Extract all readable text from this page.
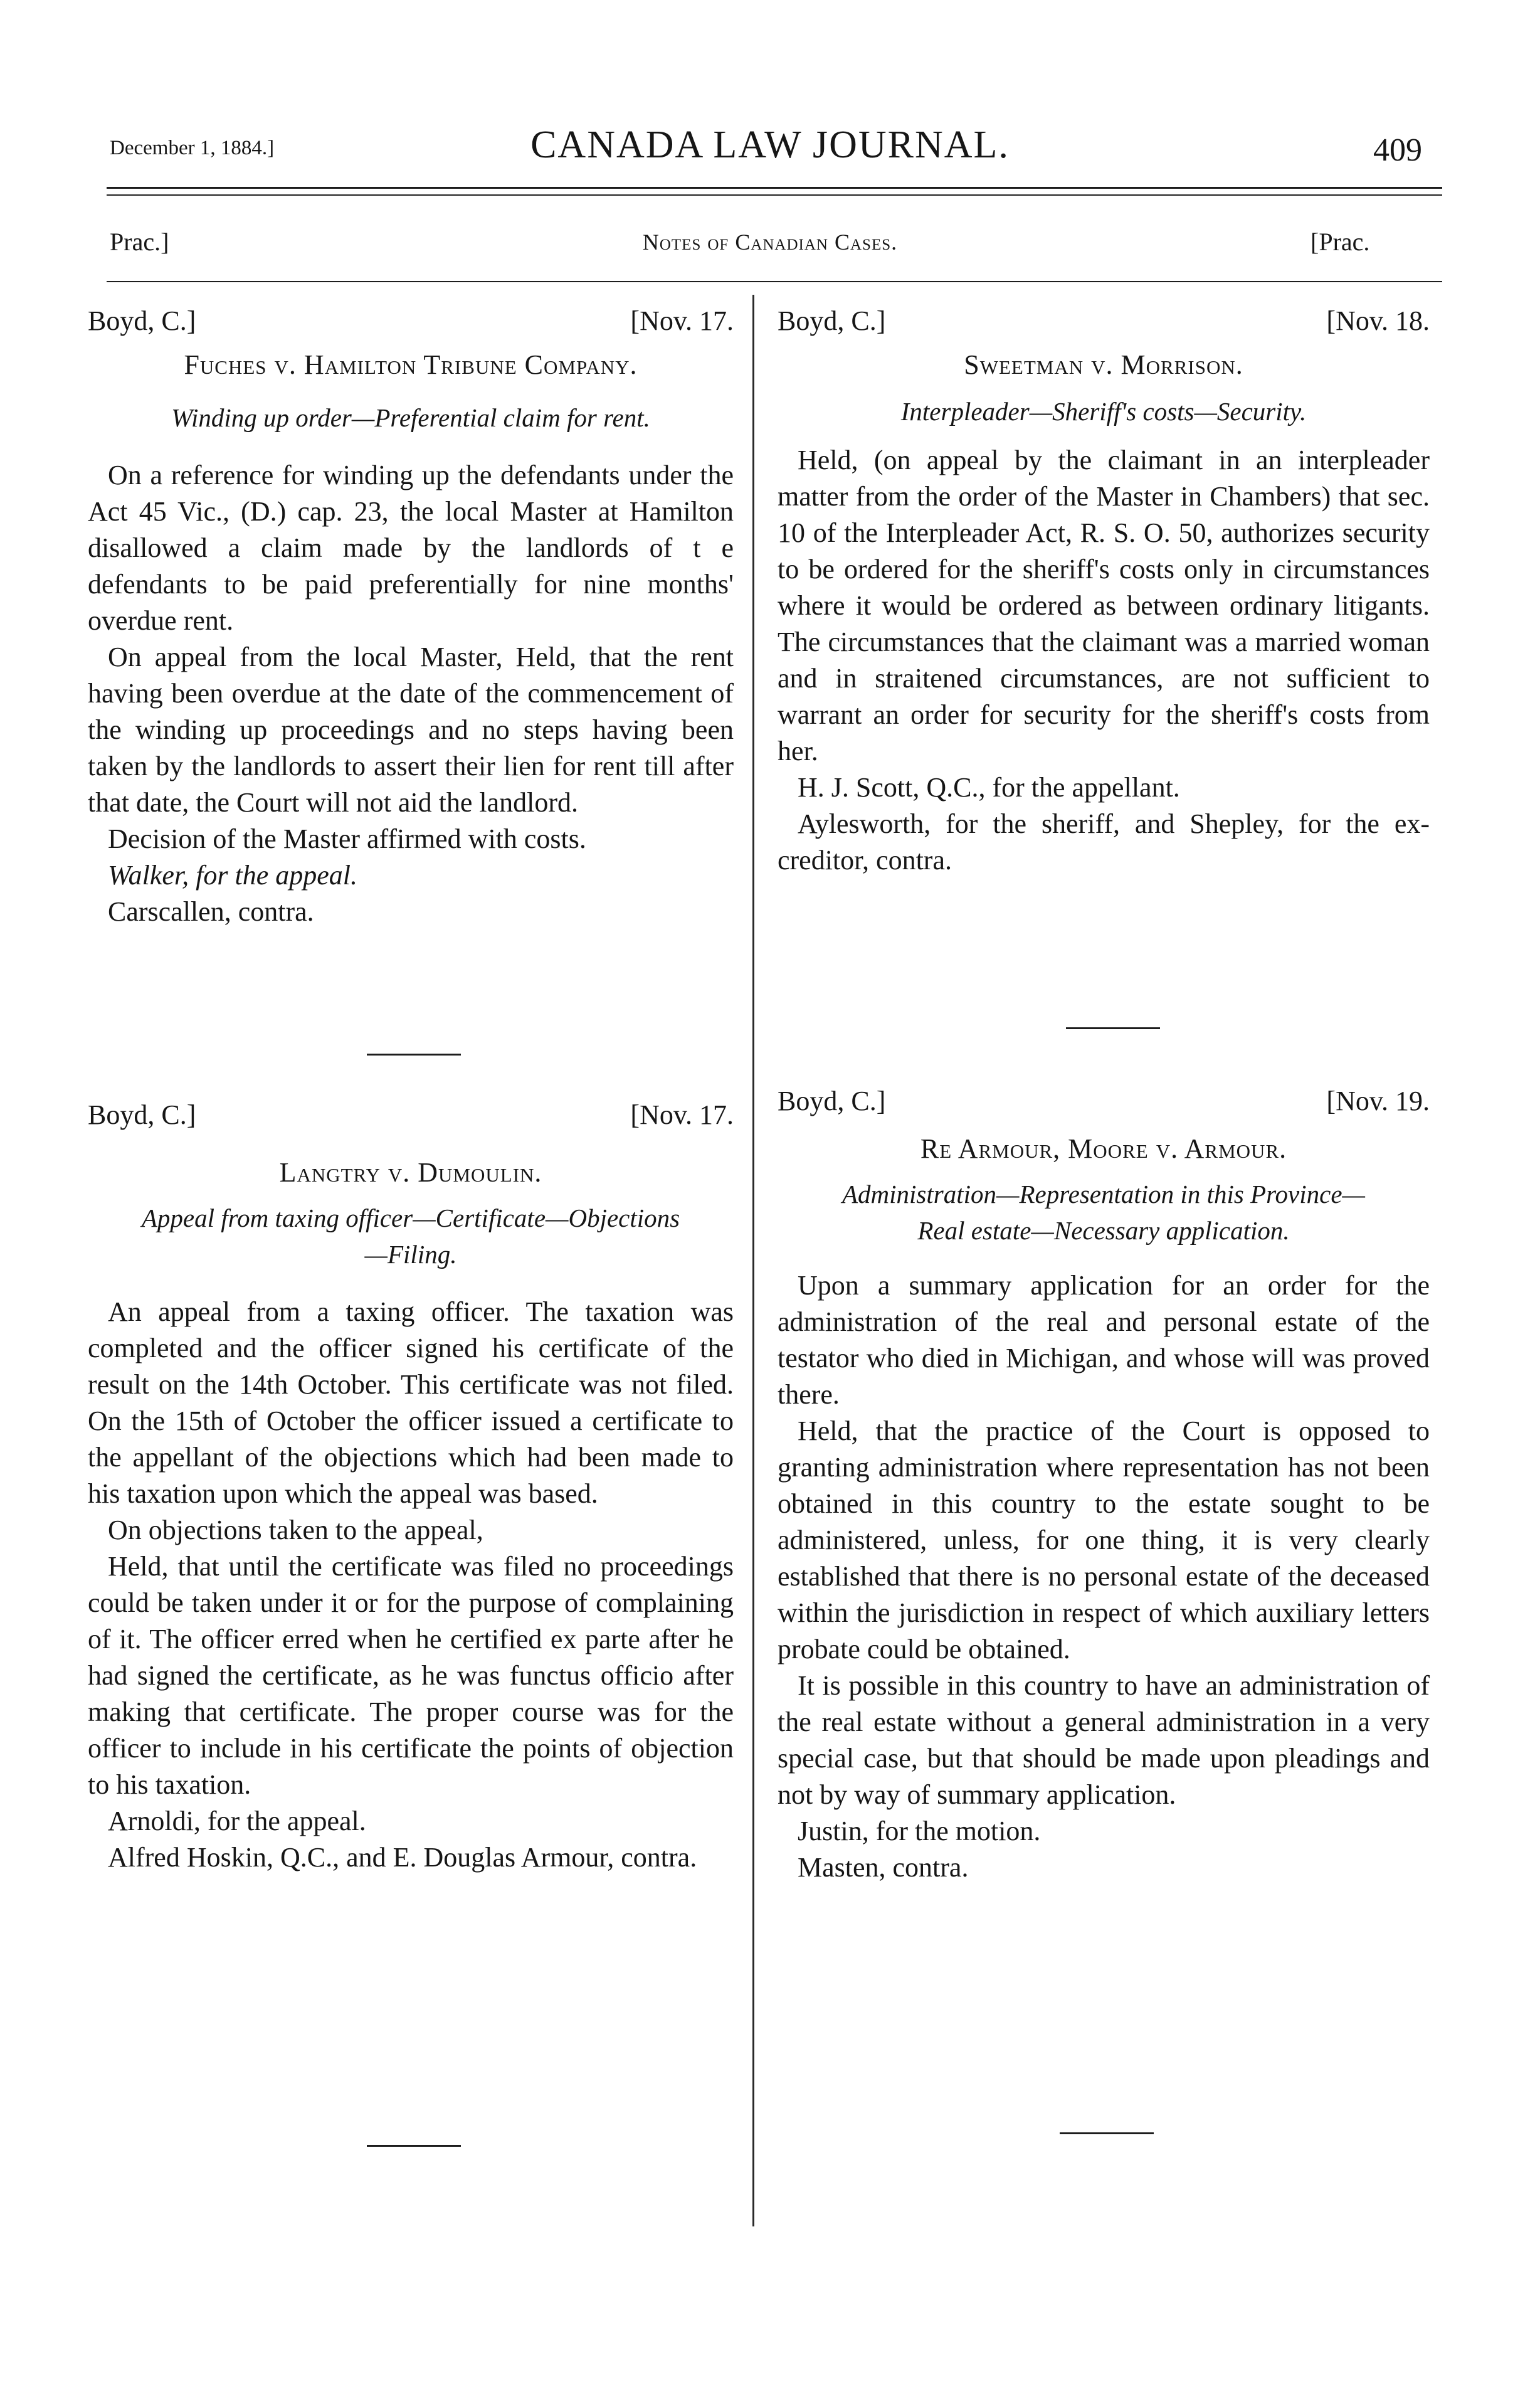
December 1, 1884.]	CANADA LAW JOURNAL.	409
Prac.]	Notes of Canadian Cases.	[Prac.
Boyd, C.]	[Nov. 17.
Fuches v. Hamilton Tribune Company.
Winding up order—Preferential claim for rent.
On a reference for winding up the defendants under the Act 45 Vic., (D.) cap. 23, the local Master at Hamilton disallowed a claim made by the landlords of t e defendants to be paid preferentially for nine months' overdue rent.
On appeal from the local Master, Held, that the rent having been overdue at the date of the commencement of the winding up proceedings and no steps having been taken by the landlords to assert their lien for rent till after that date, the Court will not aid the landlord.
Decision of the Master affirmed with costs.
Walker, for the appeal.
Carscallen, contra.
Boyd, C.]	[Nov. 17.
Langtry v. Dumoulin.
Appeal from taxing officer—Certificate—Objections
—Filing.
An appeal from a taxing officer. The taxation was completed and the officer signed his certificate of the result on the 14th October. This certificate was not filed. On the 15th of October the officer issued a certificate to the appellant of the objections which had been made to his taxation upon which the appeal was based.
On objections taken to the appeal,
Held, that until the certificate was filed no proceedings could be taken under it or for the purpose of complaining of it. The officer erred when he certified ex parte after he had signed the certificate, as he was functus officio after making that certificate. The proper course was for the officer to include in his certificate the points of objection to his taxation.
Arnoldi, for the appeal.
Alfred Hoskin, Q.C., and E. Douglas Armour, contra.
Boyd, C.]	[Nov. 18.
Sweetman v. Morrison.
Interpleader—Sheriff's costs—Security.
Held, (on appeal by the claimant in an interpleader matter from the order of the Master in Chambers) that sec. 10 of the Interpleader Act, R. S. O. 50, authorizes security to be ordered for the sheriff's costs only in circumstances where it would be ordered as between ordinary litigants. The circumstances that the claimant was a married woman and in straitened circumstances, are not sufficient to warrant an order for security for the sheriff's costs from her.
H. J. Scott, Q.C., for the appellant.
Aylesworth, for the sheriff, and Shepley, for the ex-creditor, contra.
Boyd, C.]	[Nov. 19.
Re Armour, Moore v. Armour.
Administration—Representation in this Province—
Real estate—Necessary application.
Upon a summary application for an order for the administration of the real and personal estate of the testator who died in Michigan, and whose will was proved there.
Held, that the practice of the Court is opposed to granting administration where representation has not been obtained in this country to the estate sought to be administered, unless, for one thing, it is very clearly established that there is no personal estate of the deceased within the jurisdiction in respect of which auxiliary letters probate could be obtained.
It is possible in this country to have an administration of the real estate without a general administration in a very special case, but that should be made upon pleadings and not by way of summary application.
Justin, for the motion.
Masten, contra.
